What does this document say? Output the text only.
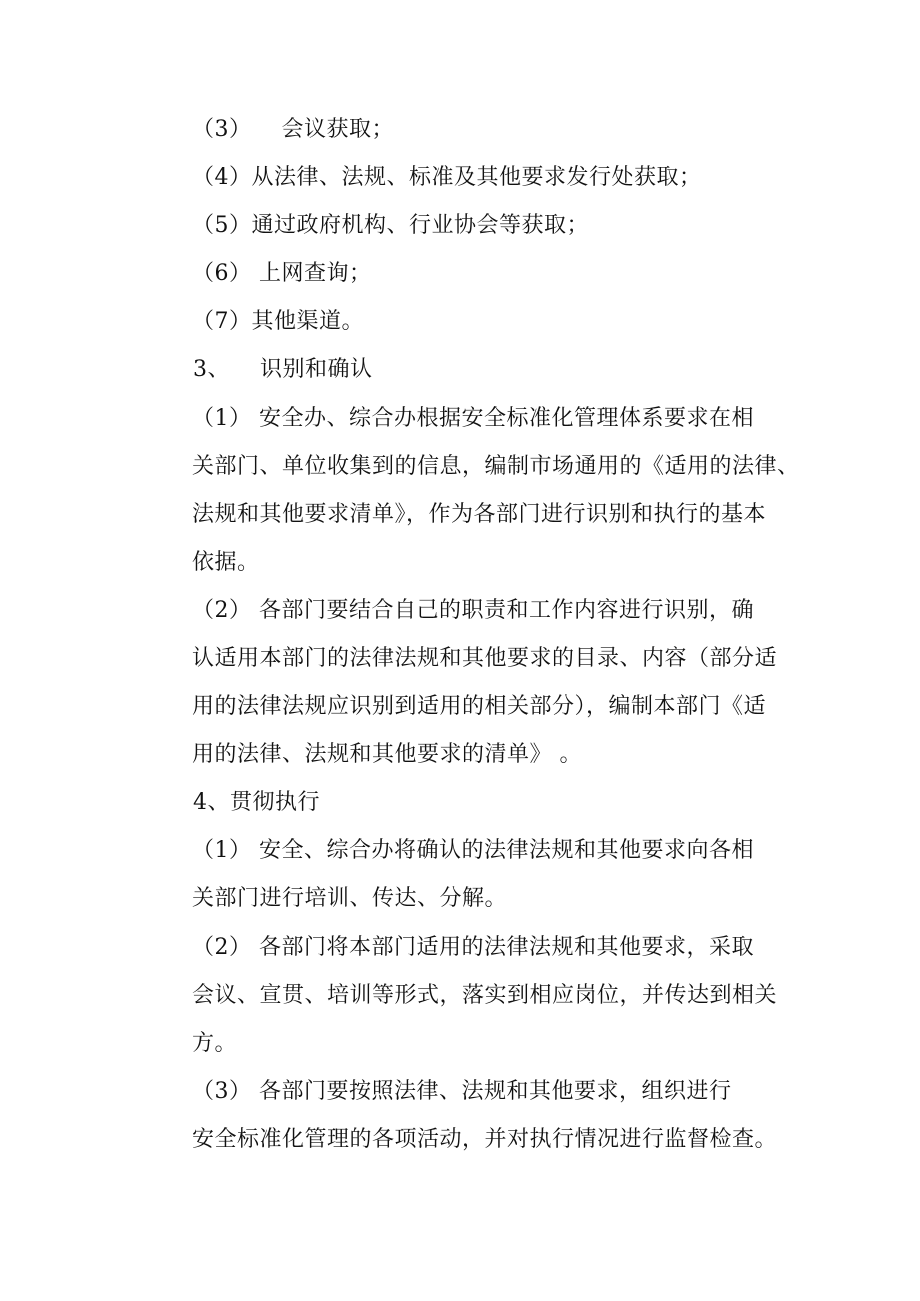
（3）    会议获取；
（4）从法律、法规、标准及其他要求发行处获取；
（5）通过政府机构、行业协会等获取；
（6） 上网查询；
（7）其他渠道。
3、    识别和确认
（1） 安全办、综合办根据安全标准化管理体系要求在相
关部门、单位收集到的信息，编制市场通用的《适用的法律、
法规和其他要求清单》，作为各部门进行识别和执行的基本
依据。
（2） 各部门要结合自己的职责和工作内容进行识别，确
认适用本部门的法律法规和其他要求的目录、内容（部分适
用的法律法规应识别到适用的相关部分），编制本部门《适
用的法律、法规和其他要求的清单》 。
4、贯彻执行
（1） 安全、综合办将确认的法律法规和其他要求向各相
关部门进行培训、传达、分解。
（2） 各部门将本部门适用的法律法规和其他要求，采取
会议、宣贯、培训等形式，落实到相应岗位，并传达到相关
方。
（3） 各部门要按照法律、法规和其他要求，组织进行
安全标准化管理的各项活动，并对执行情况进行监督检查。
